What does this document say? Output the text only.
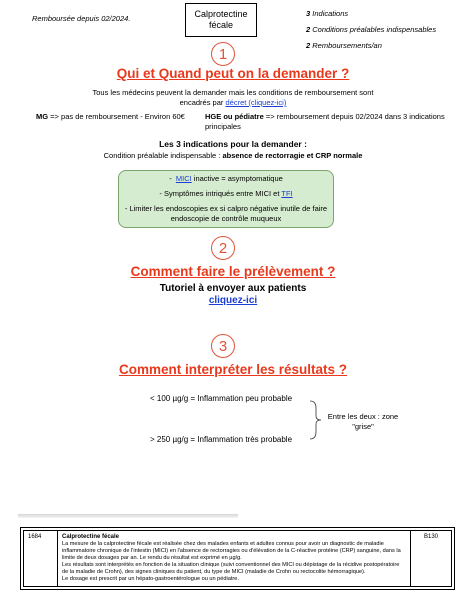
Remboursée depuis 02/2024.	Calprotectine fécale
3 Indications
2 Conditions préalables indispensables
2 Remboursements/an
1
Qui et Quand peut on la demander ?
Tous les médecins peuvent la demander mais les conditions de remboursement sont
encadrés par décret (cliquez-ici)
MG => pas de remboursement - Environ 60€	HGE ou pédiatre => remboursement depuis 02/2024 dans 3 indications principales
Les 3 indications pour la demander :
Condition préalable indispensable : absence de rectorragie et CRP normale

-  MICI inactive = asymptomatique

- Symptômes intriqués entre MICI et TFI

- Limiter les endoscopies ex si calpro négative inutile de faire
endoscopie de contrôle muqueux

2
Comment faire le prélèvement ?
Tutoriel à envoyer aux patients
cliquez-ici
3
Comment interpréter les résultats ?
< 100 µg/g = Inflammation peu probable
> 250 µg/g = Inflammation très probable
Entre les deux : zone
"grise"
1684	Calprotectine fécale
La mesure de la calprotectine fécale est réalisée chez des malades enfants et adultes connus pour avoir un diagnostic de maladie inflammatoire chronique de l'intestin (MICI) en l'absence de rectorragies ou d'élévation de la C-réactive protéine (CRP) sanguine, dans la limite de deux dosages par an. Le rendu du résultat est exprimé en µg/g.
Les résultats sont interprétés en fonction de la situation clinique (suivi conventionnel des MICI ou dépistage de la récidive postopératoire de la maladie de Crohn), des signes cliniques du patient, du type de MICI (maladie de Crohn ou rectocolite hémorragique).
Le dosage est prescrit par un hépato-gastroentérologue ou un pédiatre.
B130
